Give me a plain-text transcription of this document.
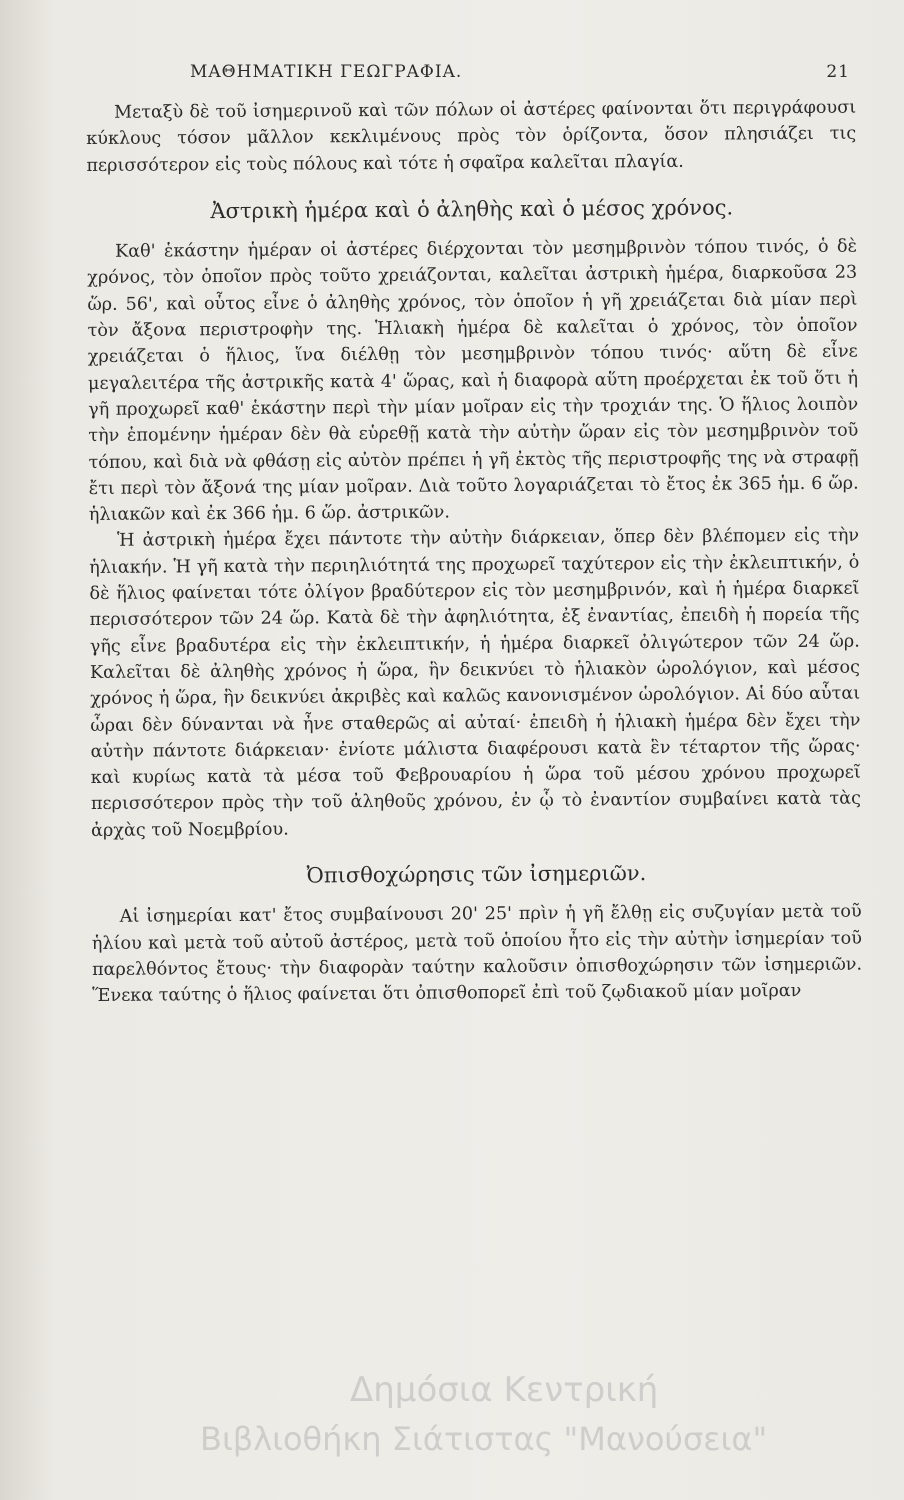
ΜΑΘΗΜΑΤΙΚΗ ΓΕΩΓΡΑΦΙΑ.	21

Μεταξὺ δὲ τοῦ ἰσημερινοῦ καὶ τῶν πόλων οἱ ἀστέρες φαίνονται ὅτι περιγράφουσι κύκλους τόσον μᾶλλον κεκλιμένους πρὸς τὸν ὁρίζοντα, ὅσον πλησιάζει τις περισσότερον εἰς τοὺς πόλους καὶ τότε ἡ σφαῖρα καλεῖται πλαγία.

Ἀστρικὴ ἡμέρα καὶ ὁ ἀληθὴς καὶ ὁ μέσος χρόνος.

Καθ' ἑκάστην ἡμέραν οἱ ἀστέρες διέρχονται τὸν μεσημβρινὸν τόπου τινός, ὁ δὲ χρόνος, τὸν ὁποῖον πρὸς τοῦτο χρειάζονται, καλεῖται ἀστρικὴ ἡμέρα, διαρκοῦσα 23 ὥρ. 56', καὶ οὗτος εἶνε ὁ ἀληθὴς χρόνος, τὸν ὁποῖον ἡ γῆ χρειάζεται διὰ μίαν περὶ τὸν ἄξονα περιστροφὴν της. Ἡλιακὴ ἡμέρα δὲ καλεῖται ὁ χρόνος, τὸν ὁποῖον χρειάζεται ὁ ἥλιος, ἵνα διέλθῃ τὸν μεσημβρινὸν τόπου τινός· αὕτη δὲ εἶνε μεγαλειτέρα τῆς ἀστρικῆς κατὰ 4' ὥρας, καὶ ἡ διαφορὰ αὕτη προέρχεται ἐκ τοῦ ὅτι ἡ γῆ προχωρεῖ καθ' ἑκάστην περὶ τὴν μίαν μοῖραν εἰς τὴν τροχιάν της. Ὁ ἥλιος λοιπὸν τὴν ἑπομένην ἡμέραν δὲν θὰ εὑρεθῇ κατὰ τὴν αὐτὴν ὥραν εἰς τὸν μεσημβρινὸν τοῦ τόπου, καὶ διὰ νὰ φθάσῃ εἰς αὐτὸν πρέπει ἡ γῆ ἐκτὸς τῆς περιστροφῆς της νὰ στραφῇ ἔτι περὶ τὸν ἄξονά της μίαν μοῖραν. Διὰ τοῦτο λογαριάζεται τὸ ἔτος ἐκ 365 ἡμ. 6 ὥρ. ἡλιακῶν καὶ ἐκ 366 ἡμ. 6 ὥρ. ἀστρικῶν.

Ἡ ἀστρικὴ ἡμέρα ἔχει πάντοτε τὴν αὐτὴν διάρκειαν, ὅπερ δὲν βλέπομεν εἰς τὴν ἡλιακήν. Ἡ γῆ κατὰ τὴν περιηλιότητά της προχωρεῖ ταχύτερον εἰς τὴν ἐκλειπτικήν, ὁ δὲ ἥλιος φαίνεται τότε ὀλίγον βραδύτερον εἰς τὸν μεσημβρινόν, καὶ ἡ ἡμέρα διαρκεῖ περισσότερον τῶν 24 ὥρ. Κατὰ δὲ τὴν ἀφηλιότητα, ἐξ ἐναντίας, ἐπειδὴ ἡ πορεία τῆς γῆς εἶνε βραδυτέρα εἰς τὴν ἐκλειπτικήν, ἡ ἡμέρα διαρκεῖ ὀλιγώτερον τῶν 24 ὥρ. Καλεῖται δὲ ἀληθὴς χρόνος ἡ ὥρα, ἣν δεικνύει τὸ ἡλιακὸν ὡρολόγιον, καὶ μέσος χρόνος ἡ ὥρα, ἣν δεικνύει ἀκριβὲς καὶ καλῶς κανονισμένον ὡρολόγιον. Αἱ δύο αὗται ὧραι δὲν δύνανται νὰ ἦνε σταθερῶς αἱ αὐταί· ἐπειδὴ ἡ ἡλιακὴ ἡμέρα δὲν ἔχει τὴν αὐτὴν πάντοτε διάρκειαν· ἐνίοτε μάλιστα διαφέρουσι κατὰ ἓν τέταρτον τῆς ὥρας· καὶ κυρίως κατὰ τὰ μέσα τοῦ Φεβρουαρίου ἡ ὥρα τοῦ μέσου χρόνου προχωρεῖ περισσότερον πρὸς τὴν τοῦ ἀληθοῦς χρόνου, ἐν ᾧ τὸ ἐναντίον συμβαίνει κατὰ τὰς ἀρχὰς τοῦ Νοεμβρίου.

Ὀπισθοχώρησις τῶν ἰσημεριῶν.

Αἱ ἰσημερίαι κατ' ἔτος συμβαίνουσι 20' 25' πρὶν ἡ γῆ ἔλθῃ εἰς συζυγίαν μετὰ τοῦ ἡλίου καὶ μετὰ τοῦ αὐτοῦ ἀστέρος, μετὰ τοῦ ὁποίου ἦτο εἰς τὴν αὐτὴν ἰσημερίαν τοῦ παρελθόντος ἔτους· τὴν διαφορὰν ταύτην καλοῦσιν ὀπισθοχώρησιν τῶν ἰσημεριῶν. Ἕνεκα ταύτης ὁ ἥλιος φαίνεται ὅτι ὀπισθοπορεῖ ἐπὶ τοῦ ζῳδιακοῦ μίαν μοῖραν

Δημόσια Κεντρική
Βιβλιοθήκη Σιάτιστας "Μανούσεια"
